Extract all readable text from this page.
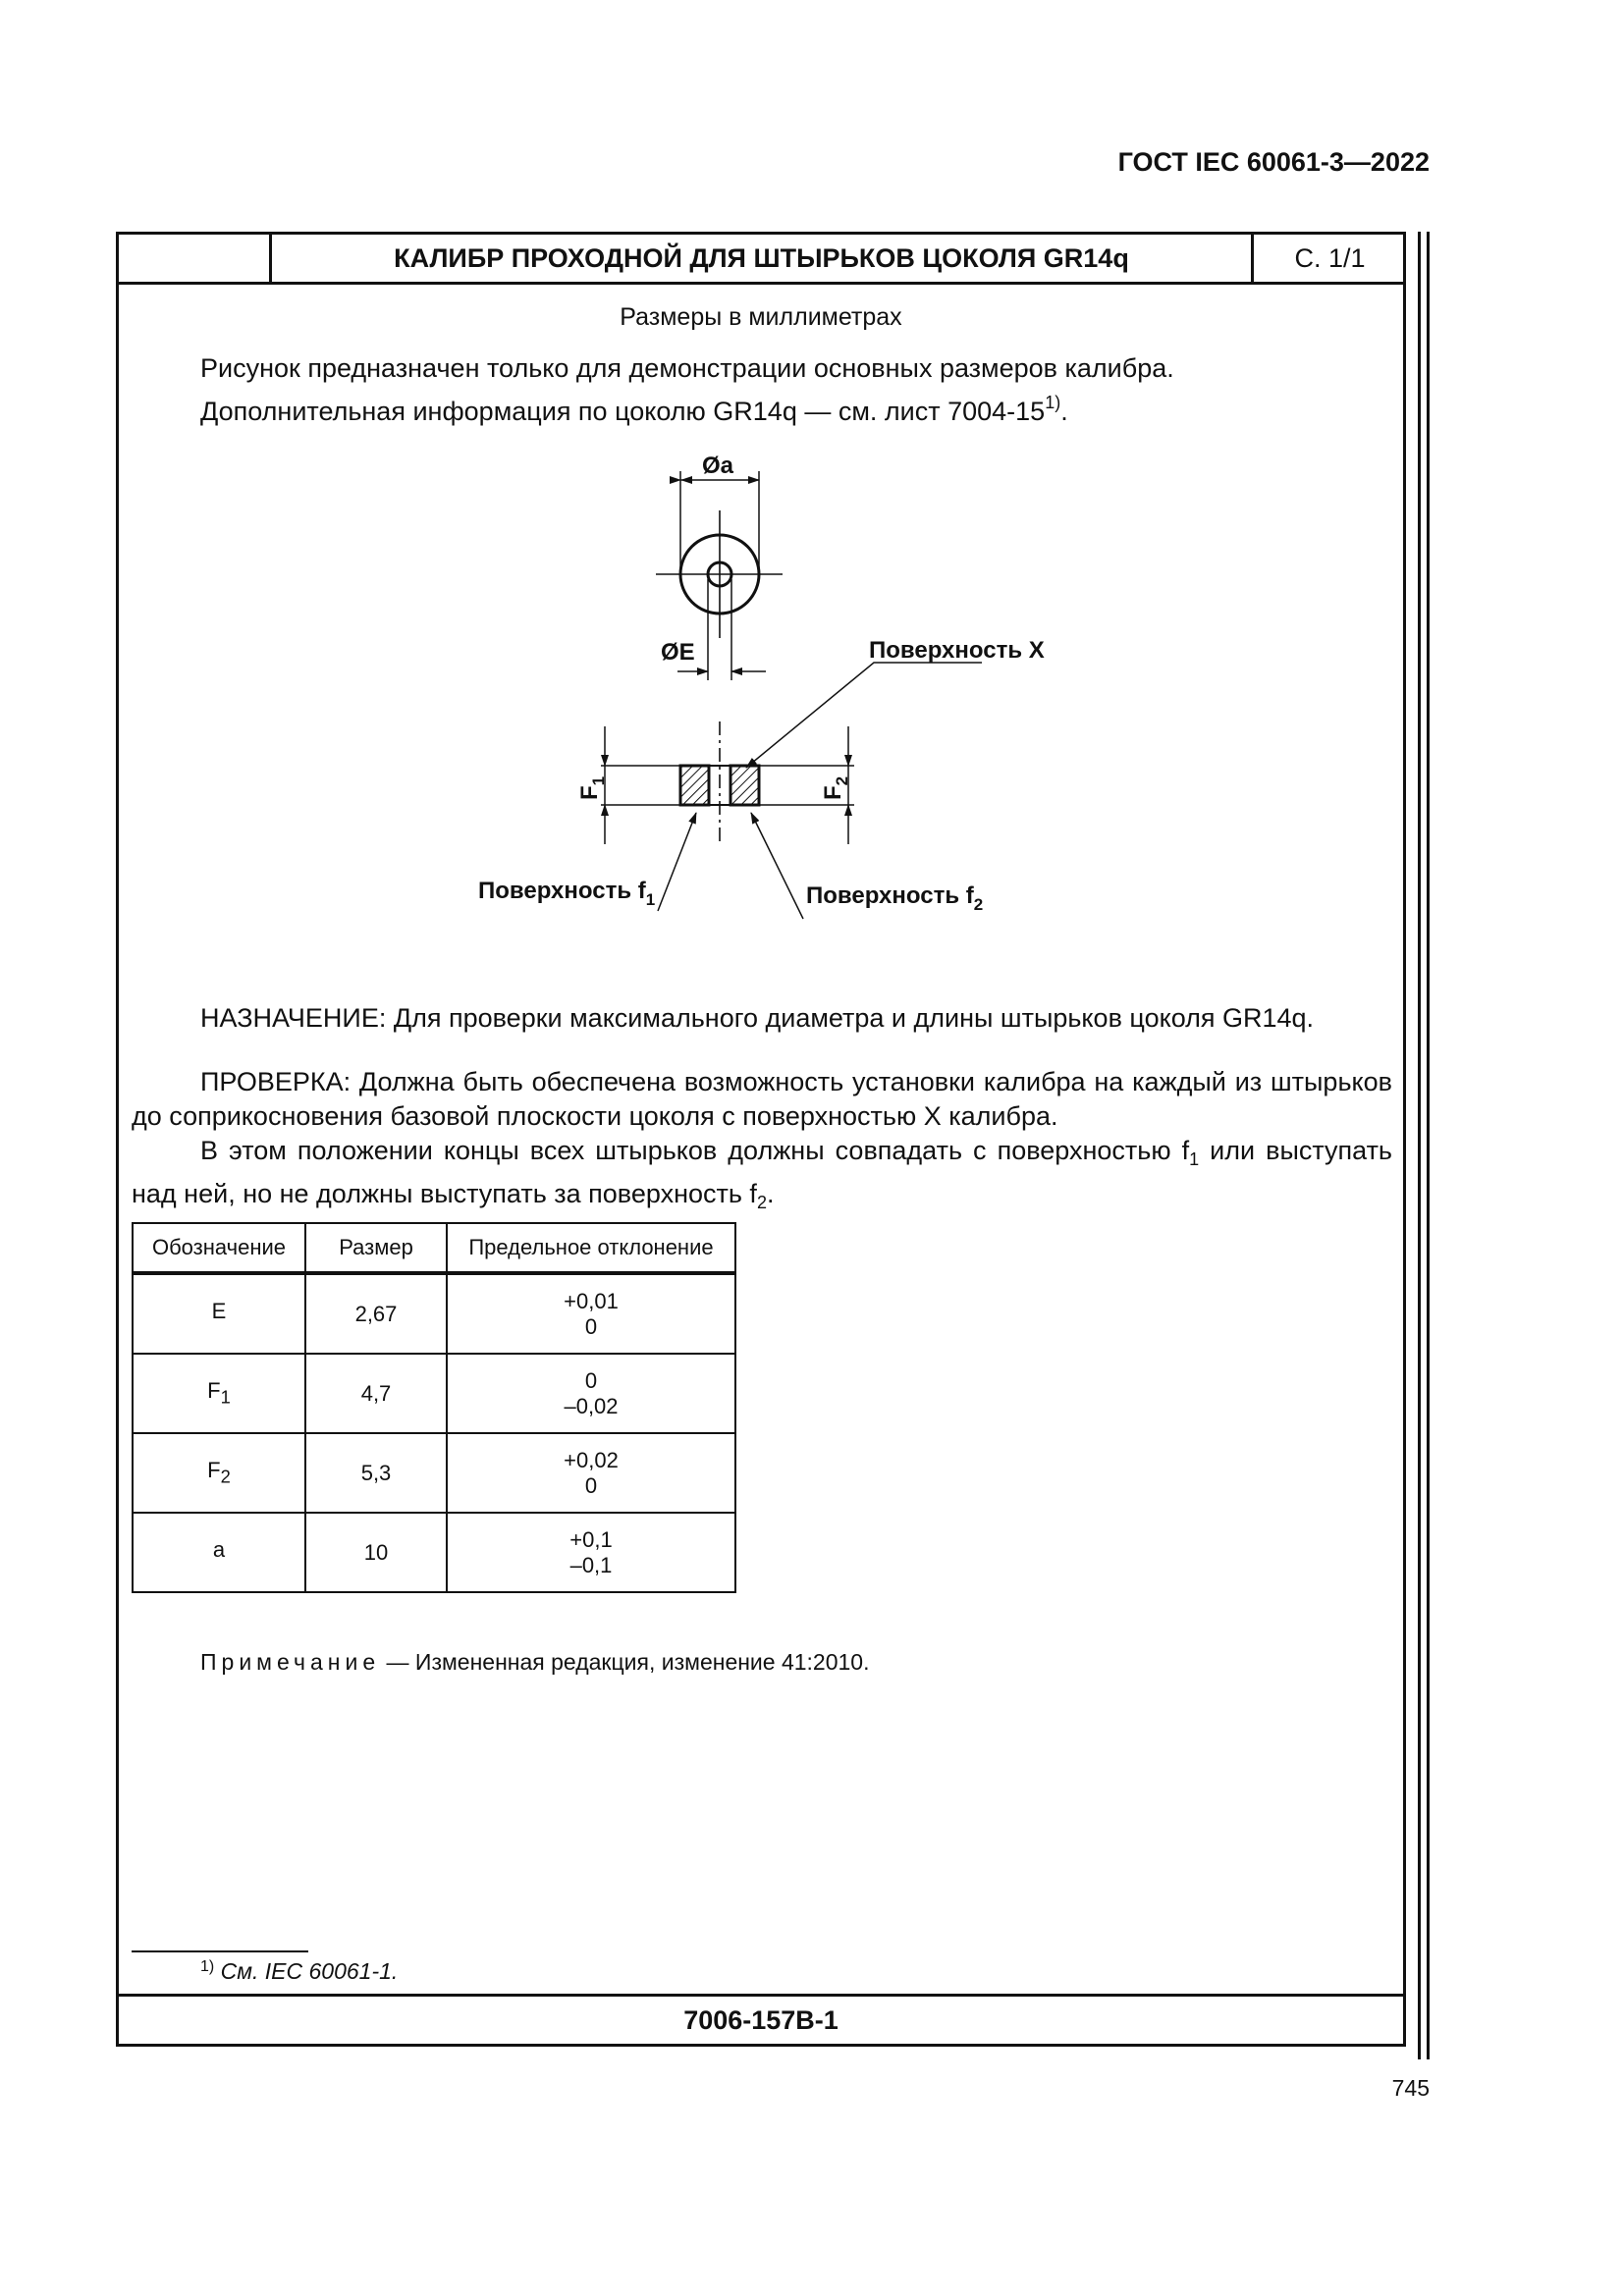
ГОСТ IEC 60061-3—2022
КАЛИБР ПРОХОДНОЙ ДЛЯ ШТЫРЬКОВ ЦОКОЛЯ GR14q	С. 1/1
Размеры в миллиметрах
Рисунок предназначен только для демонстрации основных размеров калибра.
Дополнительная информация по цоколю GR14q — см. лист 7004-15$^{1)}$.
Øa
ØE	Поверхность X
Поверхность $f_1$	Поверхность $f_2$
$F_1$
$F_2$
НАЗНАЧЕНИЕ: Для проверки максимального диаметра и длины штырьков цоколя GR14q.

ПРОВЕРКА: Должна быть обеспечена возможность установки калибра на каждый из штырьков до соприкосновения базовой плоскости цоколя с поверхностью X калибра.

В этом положении концы всех штырьков должны совпадать с поверхностью $f_1$ или выступать над ней, но не должны выступать за поверхность $f_2$.

Обозначение	Размер	Предельное отклонение
E	2,67	+0,01
0

$F_1$	4,7	0
–0,02

$F_2$	5,3	+0,02
0

a	10	+0,1
–0,1
Примечание — Измененная редакция, изменение 41:2010.
$^{1)}$ См. IEC 60061-1.
7006-157B-1
745
